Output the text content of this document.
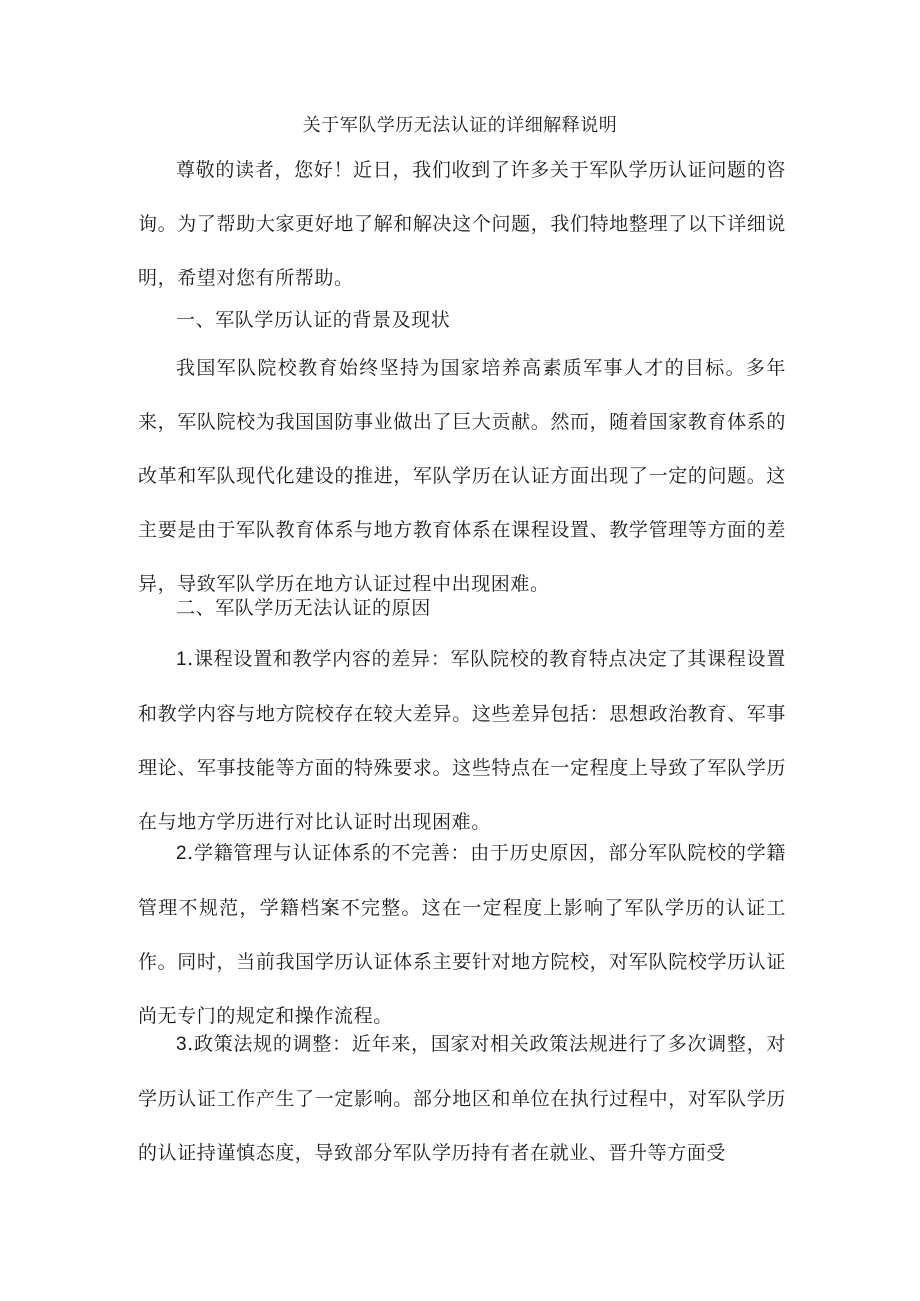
关于军队学历无法认证的详细解释说明

尊敬的读者，您好！近日，我们收到了许多关于军队学历认证问题的咨询。为了帮助大家更好地了解和解决这个问题，我们特地整理了以下详细说明，希望对您有所帮助。

一、军队学历认证的背景及现状

我国军队院校教育始终坚持为国家培养高素质军事人才的目标。多年来，军队院校为我国国防事业做出了巨大贡献。然而，随着国家教育体系的改革和军队现代化建设的推进，军队学历在认证方面出现了一定的问题。这主要是由于军队教育体系与地方教育体系在课程设置、教学管理等方面的差异，导致军队学历在地方认证过程中出现困难。

二、军队学历无法认证的原因

1.课程设置和教学内容的差异：军队院校的教育特点决定了其课程设置和教学内容与地方院校存在较大差异。这些差异包括：思想政治教育、军事理论、军事技能等方面的特殊要求。这些特点在一定程度上导致了军队学历在与地方学历进行对比认证时出现困难。

2.学籍管理与认证体系的不完善：由于历史原因，部分军队院校的学籍管理不规范，学籍档案不完整。这在一定程度上影响了军队学历的认证工作。同时，当前我国学历认证体系主要针对地方院校，对军队院校学历认证尚无专门的规定和操作流程。

3.政策法规的调整：近年来，国家对相关政策法规进行了多次调整，对学历认证工作产生了一定影响。部分地区和单位在执行过程中，对军队学历的认证持谨慎态度，导致部分军队学历持有者在就业、晋升等方面受
